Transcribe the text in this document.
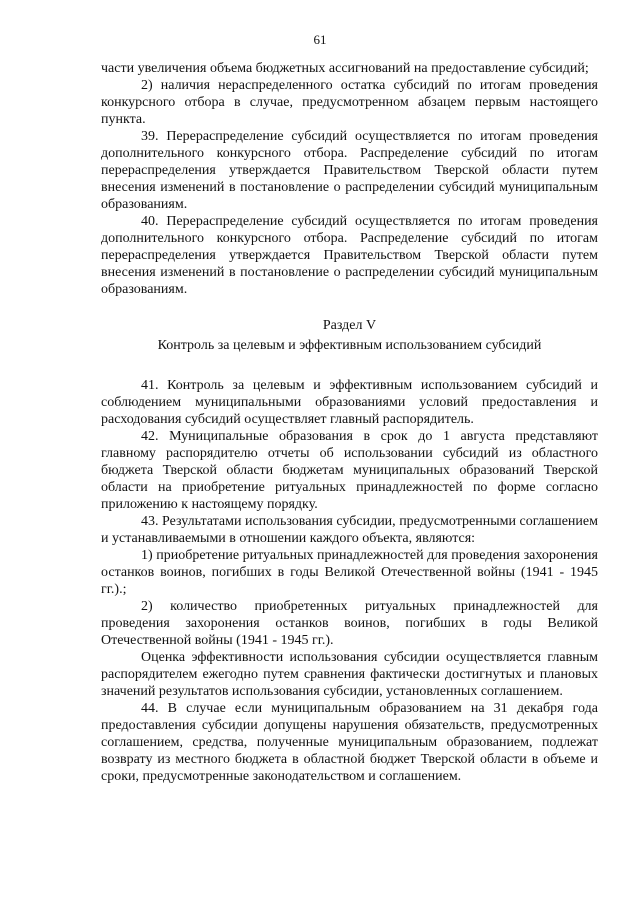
61

части увеличения объема бюджетных ассигнований на предоставление субсидий;

2) наличия нераспределенного остатка субсидий по итогам проведения конкурсного отбора в случае, предусмотренном абзацем первым настоящего пункта.

39. Перераспределение субсидий осуществляется по итогам проведения дополнительного конкурсного отбора. Распределение субсидий по итогам перераспределения утверждается Правительством Тверской области путем внесения изменений в постановление о распределении субсидий муниципальным образованиям.

40. Перераспределение субсидий осуществляется по итогам проведения дополнительного конкурсного отбора. Распределение субсидий по итогам перераспределения утверждается Правительством Тверской области путем внесения изменений в постановление о распределении субсидий муниципальным образованиям.

Раздел V

Контроль за целевым и эффективным использованием субсидий

41. Контроль за целевым и эффективным использованием субсидий и соблюдением муниципальными образованиями условий предоставления и расходования субсидий осуществляет главный распорядитель.

42. Муниципальные образования в срок до 1 августа представляют главному распорядителю отчеты об использовании субсидий из областного бюджета Тверской области бюджетам муниципальных образований Тверской области на приобретение ритуальных принадлежностей по форме согласно приложению к настоящему порядку.

43. Результатами использования субсидии, предусмотренными соглашением и устанавливаемыми в отношении каждого объекта, являются:

1) приобретение ритуальных принадлежностей для проведения захоронения останков воинов, погибших в годы Великой Отечественной войны (1941 - 1945 гг.).;

2) количество приобретенных ритуальных принадлежностей для проведения захоронения останков воинов, погибших в годы Великой Отечественной войны (1941 - 1945 гг.).

Оценка эффективности использования субсидии осуществляется главным распорядителем ежегодно путем сравнения фактически достигнутых и плановых значений результатов использования субсидии, установленных соглашением.

44. В случае если муниципальным образованием на 31 декабря года предоставления субсидии допущены нарушения обязательств, предусмотренных соглашением, средства, полученные муниципальным образованием, подлежат возврату из местного бюджета в областной бюджет Тверской области в объеме и сроки, предусмотренные законодательством и соглашением.
